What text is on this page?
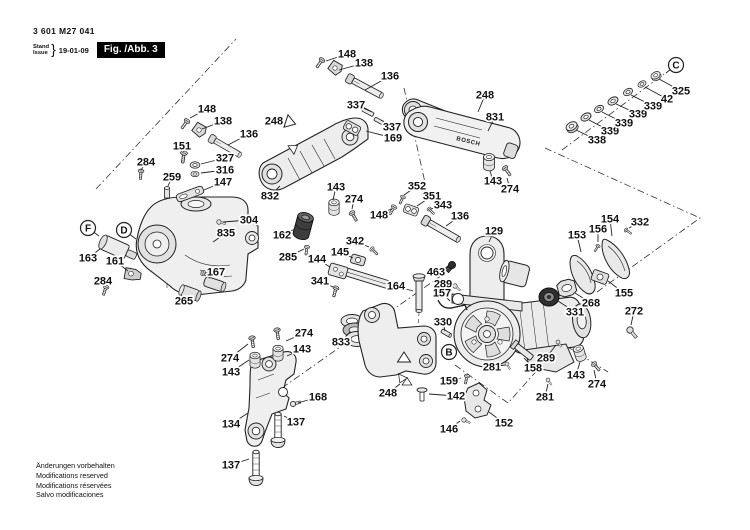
3 601 M27 041
Stand
Issue } 19-01-09	Fig. /Abb. 3
BOSCH
148
138
136
337
337
169
248
148
138
136
151
284
259
327
316
147
304
835
163 161
284
265
167
832
143
274
162
285 144
145
342
341
148
352
351
343
136
129
164
463
289
157
330
833
274
143
274
143
168
134	137
137
248	142
159
146	152
281 158
289
143
274
281
153 156
154 332
155
268
331	272
338
339
339
339
339
42
325
248
831
143
274
F	D
B
C
Änderungen vorbehalten
Modifications reserved
Modifications réservées
Salvo modificaciones
